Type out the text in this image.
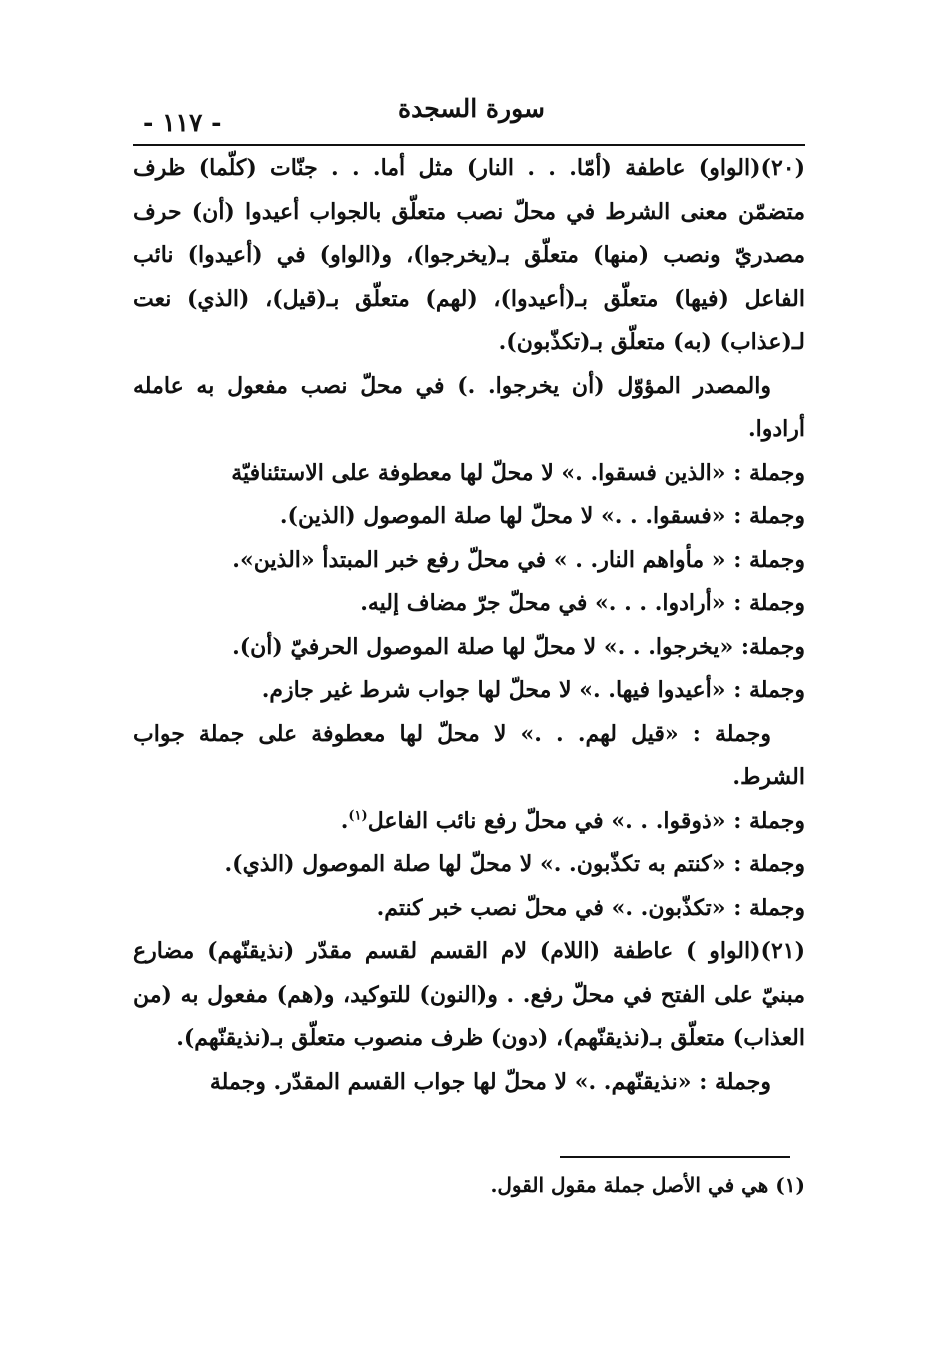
- ١١٧ -	سورة السجدة

(٢٠)(الواو) عاطفة (أمّا. . . النار) مثل أما. . . جنّات (كلّما) ظرف متضمّن معنى الشرط في محلّ نصب متعلّق بالجواب أعيدوا (أن) حرف مصدريّ ونصب (منها) متعلّق بـ(يخرجوا)، و(الواو) في (أعيدوا) نائب الفاعل (فيها) متعلّق بـ(أعيدوا)، (لهم) متعلّق بـ(قيل)، (الذي) نعت لـ(عذاب) (به) متعلّق بـ(تكذّبون).

والمصدر المؤوّل (أن يخرجوا. .) في محلّ نصب مفعول به عامله أرادوا.

وجملة : «الذين فسقوا. .» لا محلّ لها معطوفة على الاستئنافيّة

وجملة : «فسقوا. . .» لا محلّ لها صلة الموصول (الذين).

وجملة : « مأواهم النار. . » في محلّ رفع خبر المبتدأ «الذين».

وجملة : «أرادوا. . . .» في محلّ جرّ مضاف إليه.

وجملة: «يخرجوا. . .» لا محلّ لها صلة الموصول الحرفيّ (أن).

وجملة : «أعيدوا فيها. .» لا محلّ لها جواب شرط غير جازم.

وجملة : «قيل لهم. . .» لا محلّ لها معطوفة على جملة جواب الشرط.

وجملة : «ذوقوا. . .» في محلّ رفع نائب الفاعل$^{(١)}$.

وجملة : «كنتم به تكذّبون. .» لا محلّ لها صلة الموصول (الذي).

وجملة : «تكذّبون. .» في محلّ نصب خبر كنتم.

(٢١)(الواو ) عاطفة (اللام) لام القسم لقسم مقدّر (نذيقنّهم) مضارع مبنيّ على الفتح في محلّ رفع. . و(النون) للتوكيد، و(هم) مفعول به (من العذاب) متعلّق بـ(نذيقنّهم)، (دون) ظرف منصوب متعلّق بـ(نذيقنّهم).

وجملة : «نذيقنّهم. .» لا محلّ لها جواب القسم المقدّر. وجملة

(١) هي في الأصل جملة مقول القول.
